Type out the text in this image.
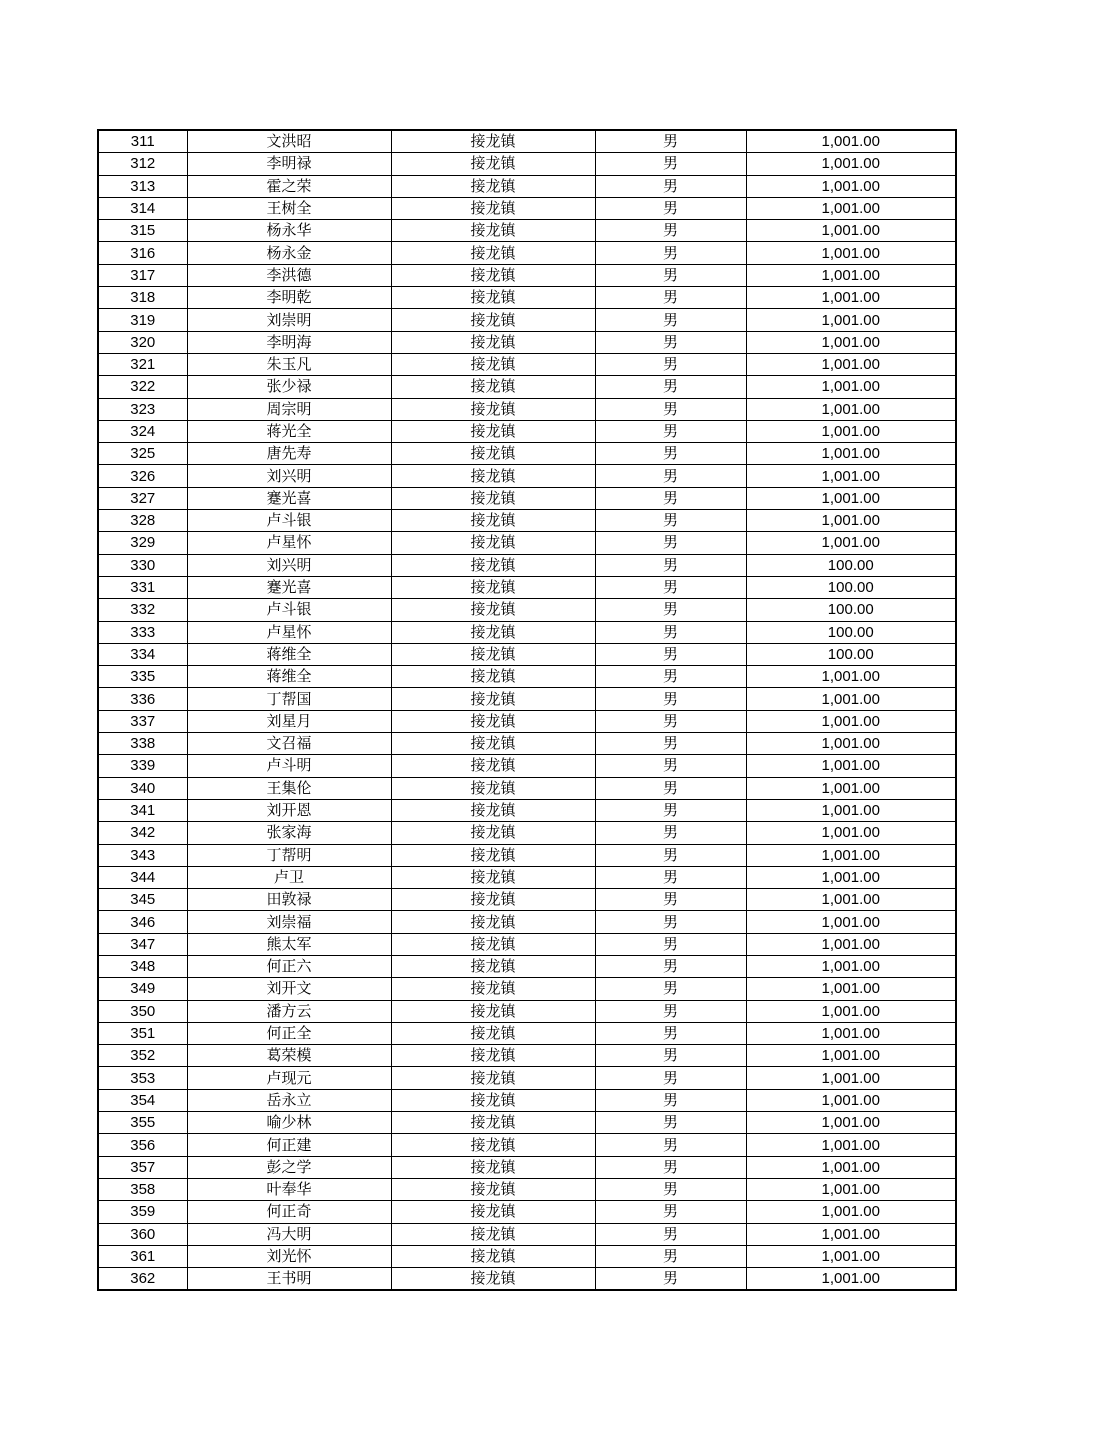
311	文洪昭	接龙镇	男	1,001.00
312	李明禄	接龙镇	男	1,001.00
313	霍之荣	接龙镇	男	1,001.00
314	王树全	接龙镇	男	1,001.00
315	杨永华	接龙镇	男	1,001.00
316	杨永金	接龙镇	男	1,001.00
317	李洪德	接龙镇	男	1,001.00
318	李明乾	接龙镇	男	1,001.00
319	刘崇明	接龙镇	男	1,001.00
320	李明海	接龙镇	男	1,001.00
321	朱玉凡	接龙镇	男	1,001.00
322	张少禄	接龙镇	男	1,001.00
323	周宗明	接龙镇	男	1,001.00
324	蒋光全	接龙镇	男	1,001.00
325	唐先寿	接龙镇	男	1,001.00
326	刘兴明	接龙镇	男	1,001.00
327	蹇光喜	接龙镇	男	1,001.00
328	卢斗银	接龙镇	男	1,001.00
329	卢星怀	接龙镇	男	1,001.00
330	刘兴明	接龙镇	男	100.00
331	蹇光喜	接龙镇	男	100.00
332	卢斗银	接龙镇	男	100.00
333	卢星怀	接龙镇	男	100.00
334	蒋维全	接龙镇	男	100.00
335	蒋维全	接龙镇	男	1,001.00
336	丁帮国	接龙镇	男	1,001.00
337	刘星月	接龙镇	男	1,001.00
338	文召福	接龙镇	男	1,001.00
339	卢斗明	接龙镇	男	1,001.00
340	王集伦	接龙镇	男	1,001.00
341	刘开恩	接龙镇	男	1,001.00
342	张家海	接龙镇	男	1,001.00
343	丁帮明	接龙镇	男	1,001.00
344	卢卫	接龙镇	男	1,001.00
345	田敦禄	接龙镇	男	1,001.00
346	刘崇福	接龙镇	男	1,001.00
347	熊太军	接龙镇	男	1,001.00
348	何正六	接龙镇	男	1,001.00
349	刘开文	接龙镇	男	1,001.00
350	潘方云	接龙镇	男	1,001.00
351	何正全	接龙镇	男	1,001.00
352	葛荣模	接龙镇	男	1,001.00
353	卢现元	接龙镇	男	1,001.00
354	岳永立	接龙镇	男	1,001.00
355	喻少林	接龙镇	男	1,001.00
356	何正建	接龙镇	男	1,001.00
357	彭之学	接龙镇	男	1,001.00
358	叶奉华	接龙镇	男	1,001.00
359	何正奇	接龙镇	男	1,001.00
360	冯大明	接龙镇	男	1,001.00
361	刘光怀	接龙镇	男	1,001.00
362	王书明	接龙镇	男	1,001.00
